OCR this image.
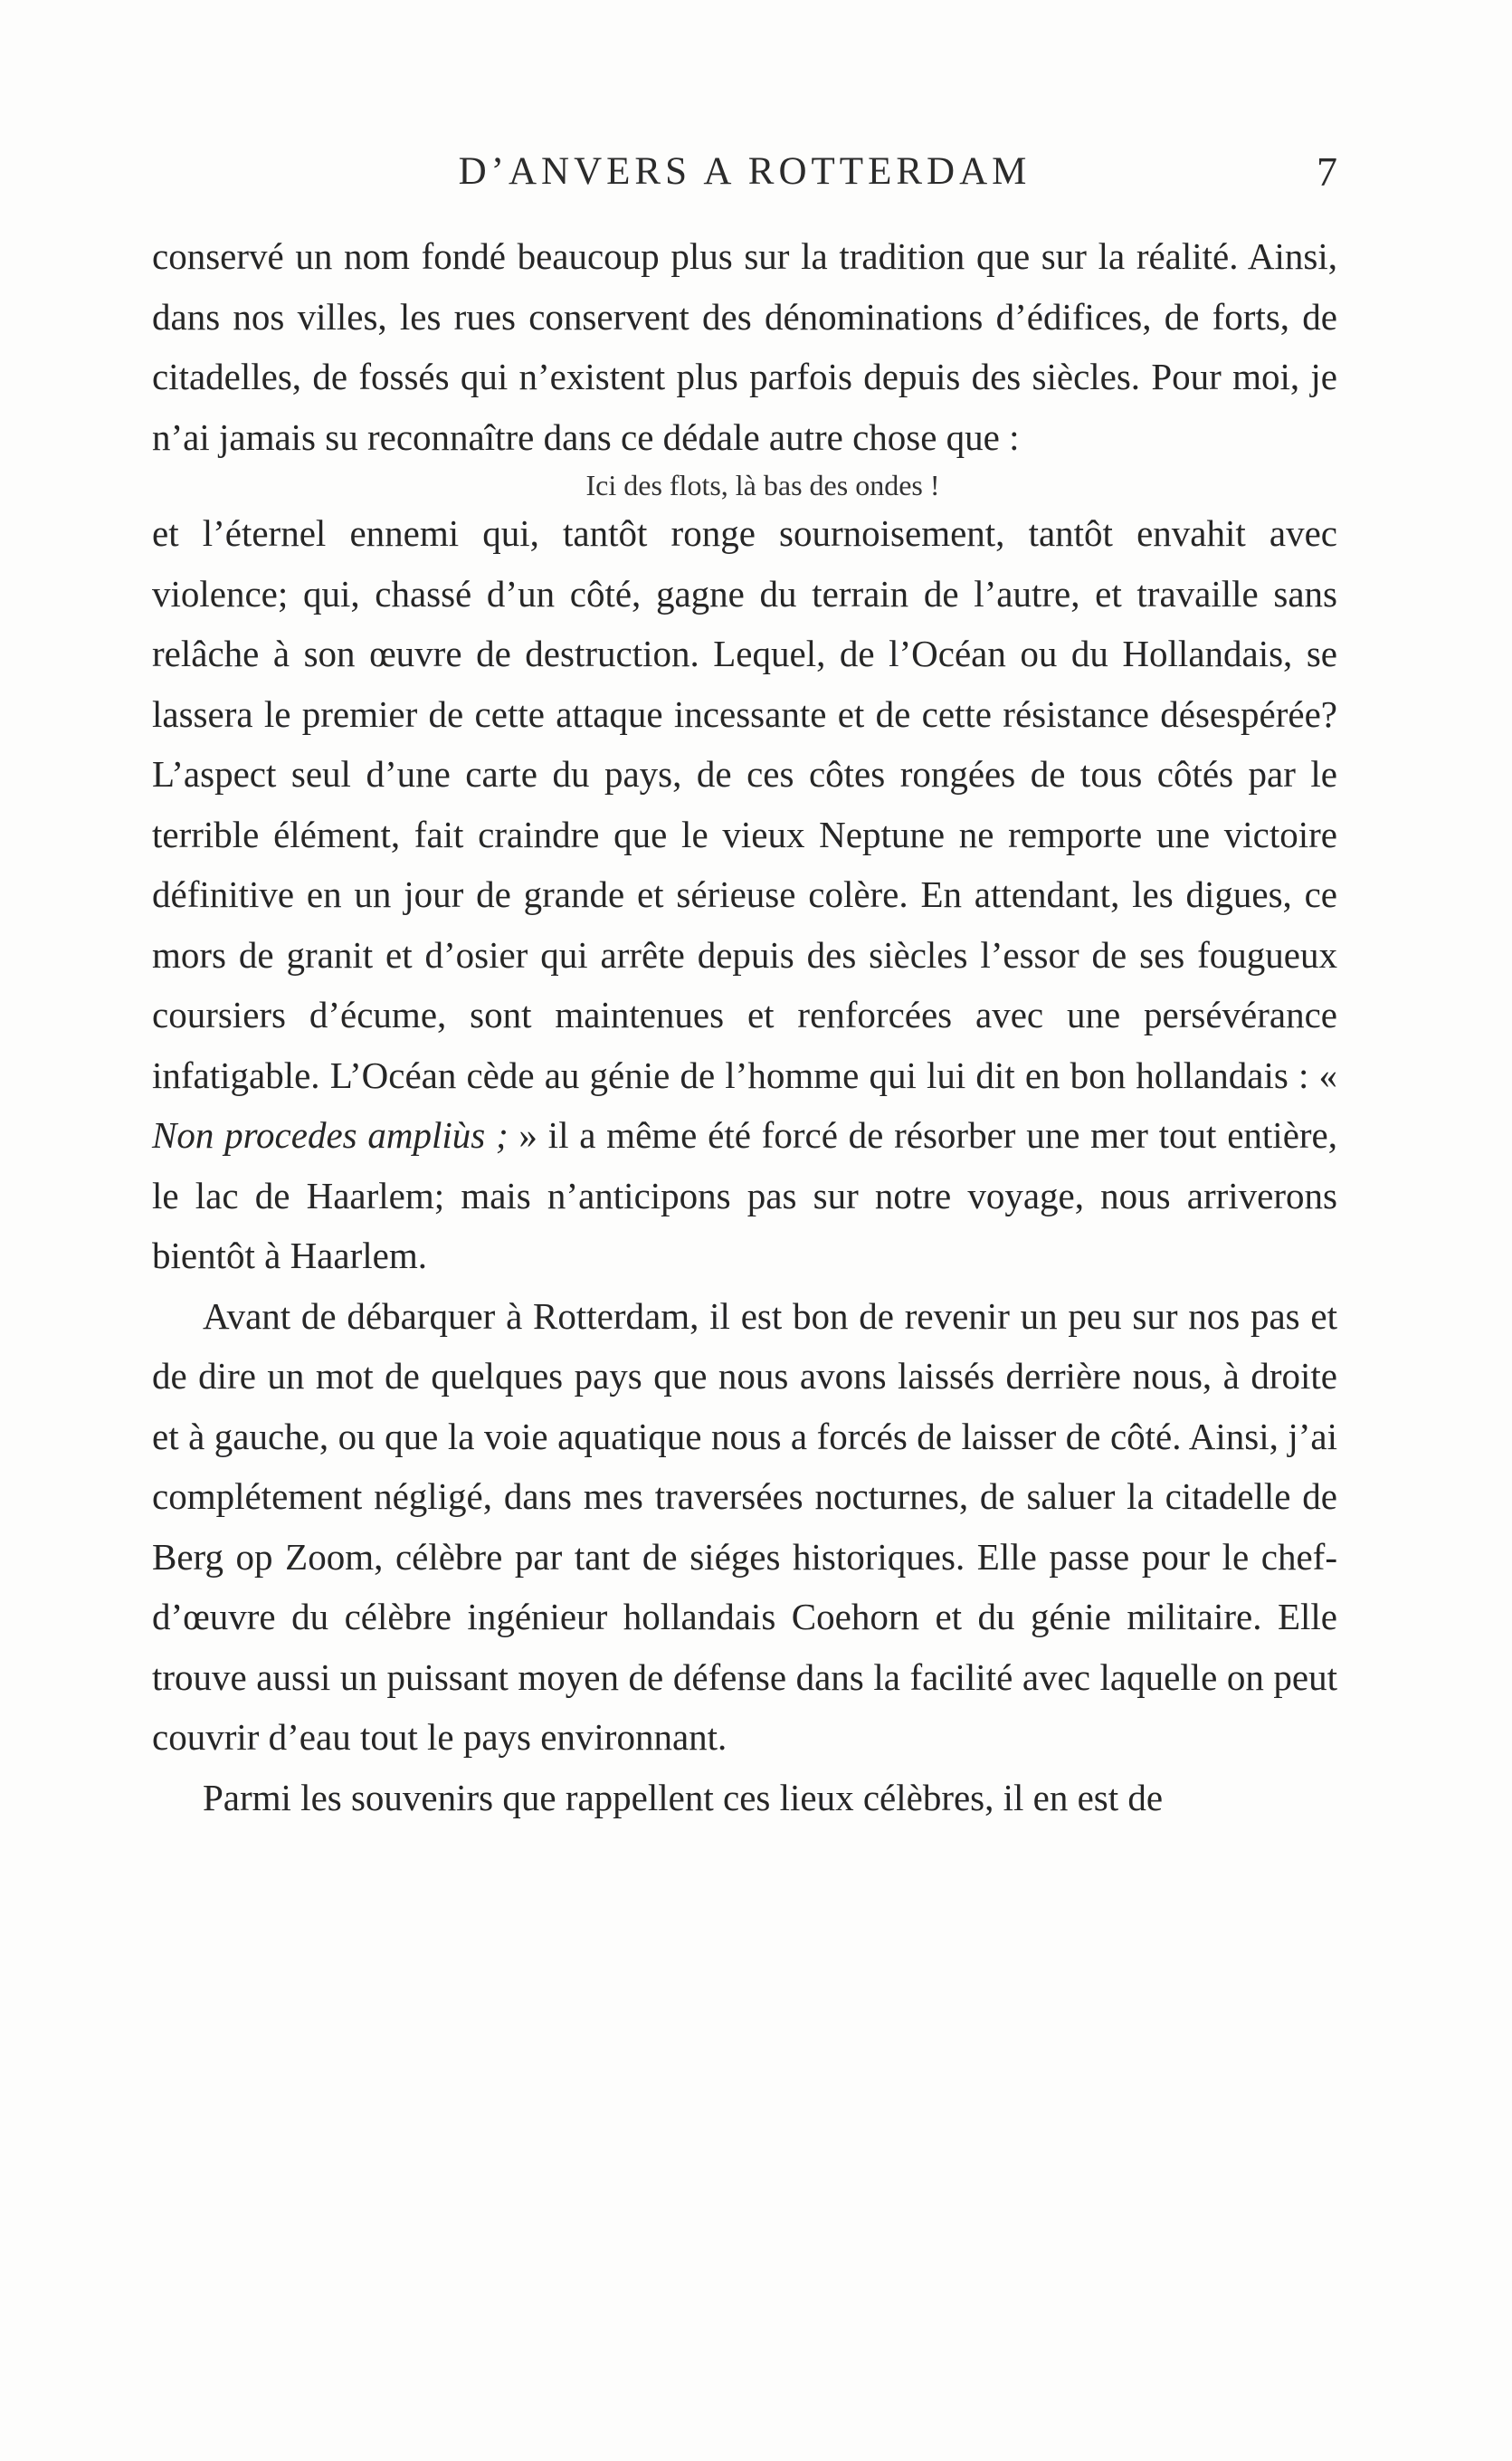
D’ANVERS A ROTTERDAM	7

conservé un nom fondé beaucoup plus sur la tradition que sur la réalité. Ainsi, dans nos villes, les rues conservent des dénominations d’édifices, de forts, de citadelles, de fossés qui n’existent plus parfois depuis des siècles. Pour moi, je n’ai jamais su reconnaître dans ce dédale autre chose que :

Ici des flots, là bas des ondes !

et l’éternel ennemi qui, tantôt ronge sournoisement, tantôt envahit avec violence; qui, chassé d’un côté, gagne du terrain de l’autre, et travaille sans relâche à son œuvre de destruction. Lequel, de l’Océan ou du Hollandais, se lassera le premier de cette attaque incessante et de cette résistance désespérée? L’aspect seul d’une carte du pays, de ces côtes rongées de tous côtés par le terrible élément, fait craindre que le vieux Neptune ne remporte une victoire définitive en un jour de grande et sérieuse colère. En attendant, les digues, ce mors de granit et d’osier qui arrête depuis des siècles l’essor de ses fougueux coursiers d’écume, sont maintenues et renforcées avec une persévérance infatigable. L’Océan cède au génie de l’homme qui lui dit en bon hollandais : « Non procedes ampliùs ; » il a même été forcé de résorber une mer tout entière, le lac de Haarlem; mais n’anticipons pas sur notre voyage, nous arriverons bientôt à Haarlem.

Avant de débarquer à Rotterdam, il est bon de revenir un peu sur nos pas et de dire un mot de quelques pays que nous avons laissés derrière nous, à droite et à gauche, ou que la voie aquatique nous a forcés de laisser de côté. Ainsi, j’ai complétement négligé, dans mes traversées nocturnes, de saluer la citadelle de Berg op Zoom, célèbre par tant de siéges historiques. Elle passe pour le chef-d’œuvre du célèbre ingénieur hollandais Coehorn et du génie militaire. Elle trouve aussi un puissant moyen de défense dans la facilité avec laquelle on peut couvrir d’eau tout le pays environnant.

Parmi les souvenirs que rappellent ces lieux célèbres, il en est de
